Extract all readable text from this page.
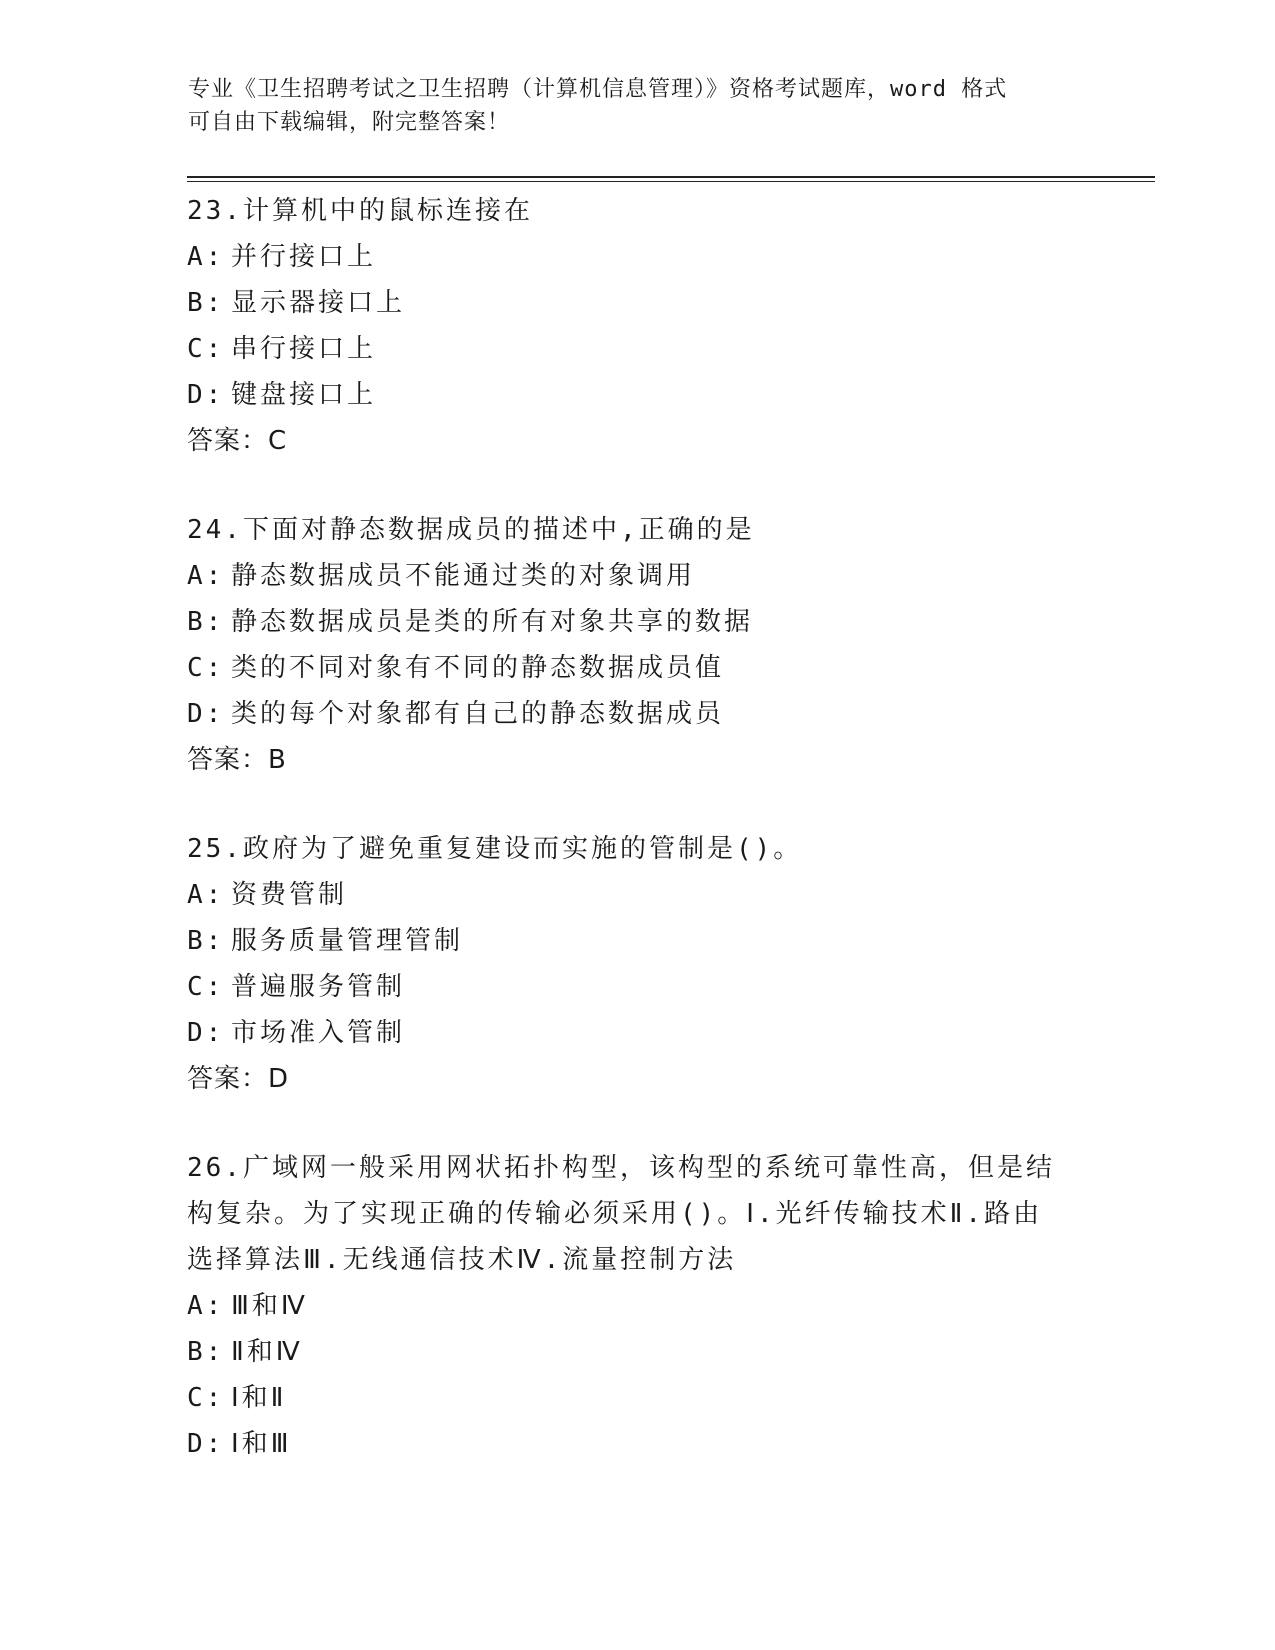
专业《卫生招聘考试之卫生招聘（计算机信息管理）》资格考试题库，word 格式
可自由下载编辑，附完整答案！
23.计算机中的鼠标连接在
A: 并行接口上
B: 显示器接口上
C: 串行接口上
D: 键盘接口上
答案：C
24.下面对静态数据成员的描述中,正确的是
A: 静态数据成员不能通过类的对象调用
B: 静态数据成员是类的所有对象共享的数据
C: 类的不同对象有不同的静态数据成员值
D: 类的每个对象都有自己的静态数据成员
答案：B
25.政府为了避免重复建设而实施的管制是()。
A: 资费管制
B: 服务质量管理管制
C: 普遍服务管制
D: 市场准入管制
答案：D
26.广域网一般采用网状拓扑构型，该构型的系统可靠性高，但是结构复杂。为了实现正确的传输必须采用()。Ⅰ.光纤传输技术Ⅱ.路由选择算法Ⅲ.无线通信技术Ⅳ.流量控制方法
A: Ⅲ和Ⅳ
B: Ⅱ和Ⅳ
C: Ⅰ和Ⅱ
D: Ⅰ和Ⅲ
